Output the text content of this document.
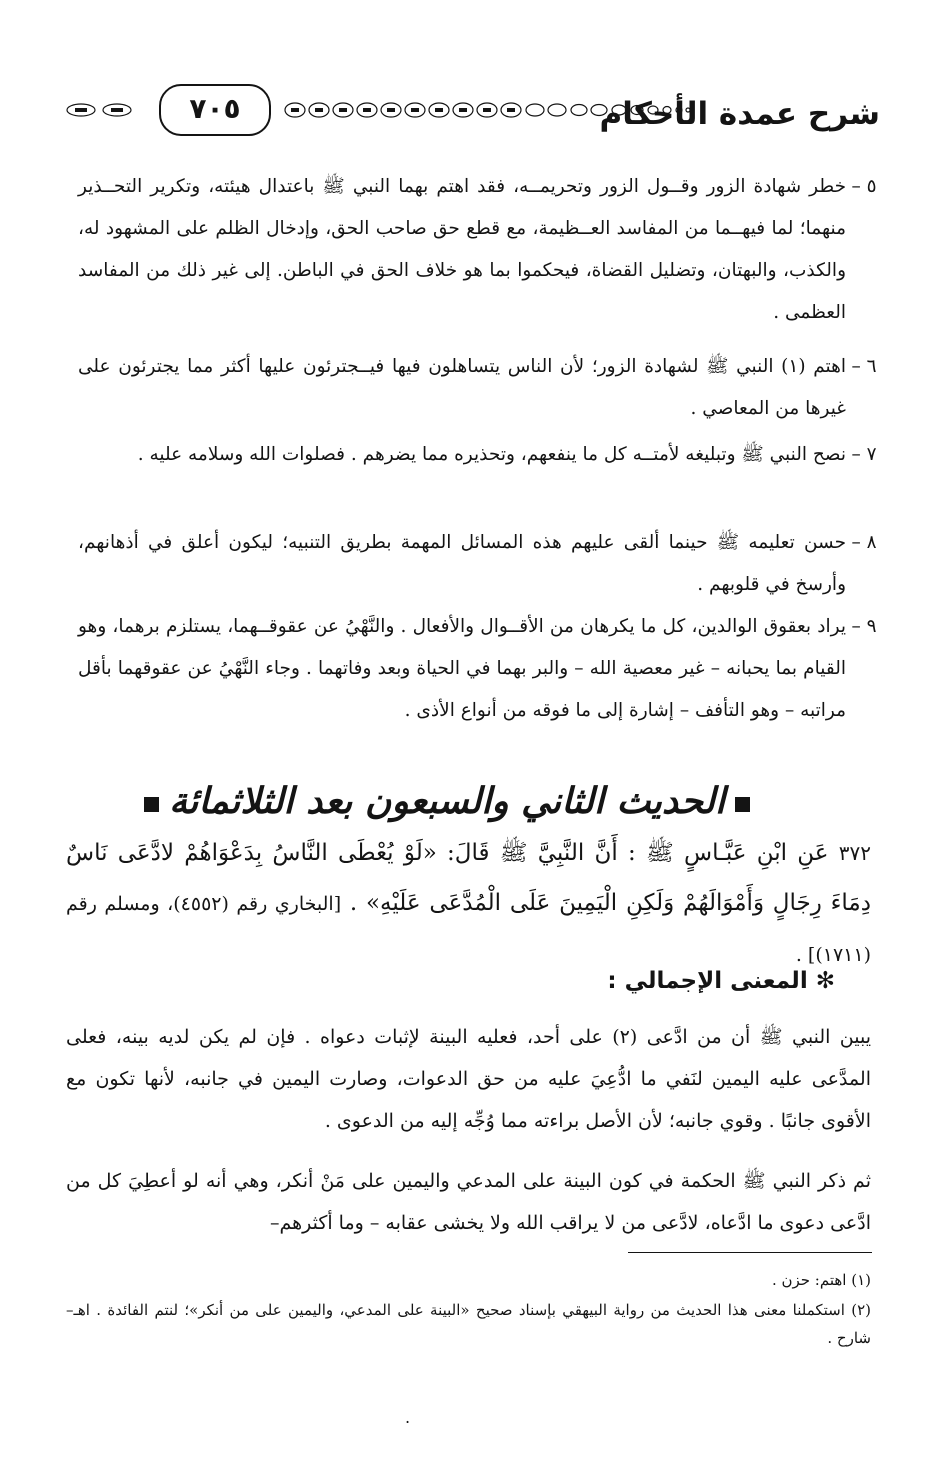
شرح عمدة الأحكام
٧٠٥
٥ –
خطر شهادة الزور وقــول الزور وتحريمــه، فقد اهتم بهما النبي ﷺ باعتدال هيئته، وتكرير التحــذير منهما؛ لما فيهــما من المفاسد العــظيمة، مع قطع حق صاحب الحق، وإدخال الظلم على المشهود له، والكذب، والبهتان، وتضليل القضاة، فيحكموا بما هو خلاف الحق في الباطن. إلى غير ذلك من المفاسد العظمى .
٦ –
اهتم (١) النبي ﷺ لشهادة الزور؛ لأن الناس يتساهلون فيها فيــجترئون عليها أكثر مما يجترئون على غيرها من المعاصي .
٧ –
نصح النبي ﷺ وتبليغه لأمتــه كل ما ينفعهم، وتحذيره مما يضرهم . فصلوات الله وسلامه عليه .
٨ –
حسن تعليمه ﷺ حينما ألقى عليهم هذه المسائل المهمة بطريق التنبيه؛ ليكون أعلق في أذهانهم، وأرسخ في قلوبهم .
٩ –
يراد بعقوق الوالدين، كل ما يكرهان من الأقــوال والأفعال . والنَّهْيُ عن عقوقــهما، يستلزم برهما، وهو القيام بما يحبانه – غير معصية الله – والبر بهما في الحياة وبعد وفاتهما . وجاء النَّهْيُ عن عقوقهما بأقل مراتبه – وهو التأفف – إشارة إلى ما فوقه من أنواع الأذى .
الحديث الثاني والسبعون بعد الثلاثمائة
٣٧٢ عَنِ ابْنِ عَبَّـاسٍ ﷺ : أَنَّ النَّبِيَّ ﷺ قَالَ: «لَوْ يُعْطَى النَّاسُ بِدَعْوَاهُمْ لادَّعَى نَاسٌ دِمَاءَ رِجَالٍ وَأَمْوَالَهُمْ وَلَكِنِ الْيَمِينَ عَلَى الْمُدَّعَى عَلَيْهِ» . [البخاري رقم (٤٥٥٢)، ومسلم رقم (١٧١١)] .
✻ المعنى الإجمالي :
يبين النبي ﷺ أن من ادَّعى (٢) على أحد، فعليه البينة لإثبات دعواه . فإن لم يكن لديه بينه، فعلى المدَّعى عليه اليمين لنَفي ما ادُّعِيَ عليه من حق الدعوات، وصارت اليمين في جانبه، لأنها تكون مع الأقوى جانبًا . وقوي جانبه؛ لأن الأصل براءته مما وُجِّه إليه من الدعوى .
ثم ذكر النبي ﷺ الحكمة في كون البينة على المدعي واليمين على مَنْ أنكر، وهي أنه لو أعطِيَ كل من ادَّعى دعوى ما ادَّعاه، لادَّعى من لا يراقب الله ولا يخشى عقابه – وما أكثرهم–
(١) اهتم: حزن .
(٢) استكملنا معنى هذا الحديث من رواية البيهقي بإسناد صحيح «البينة على المدعي، واليمين على من أنكر»؛ لنتم الفائدة . اهـ– شارح .
.
